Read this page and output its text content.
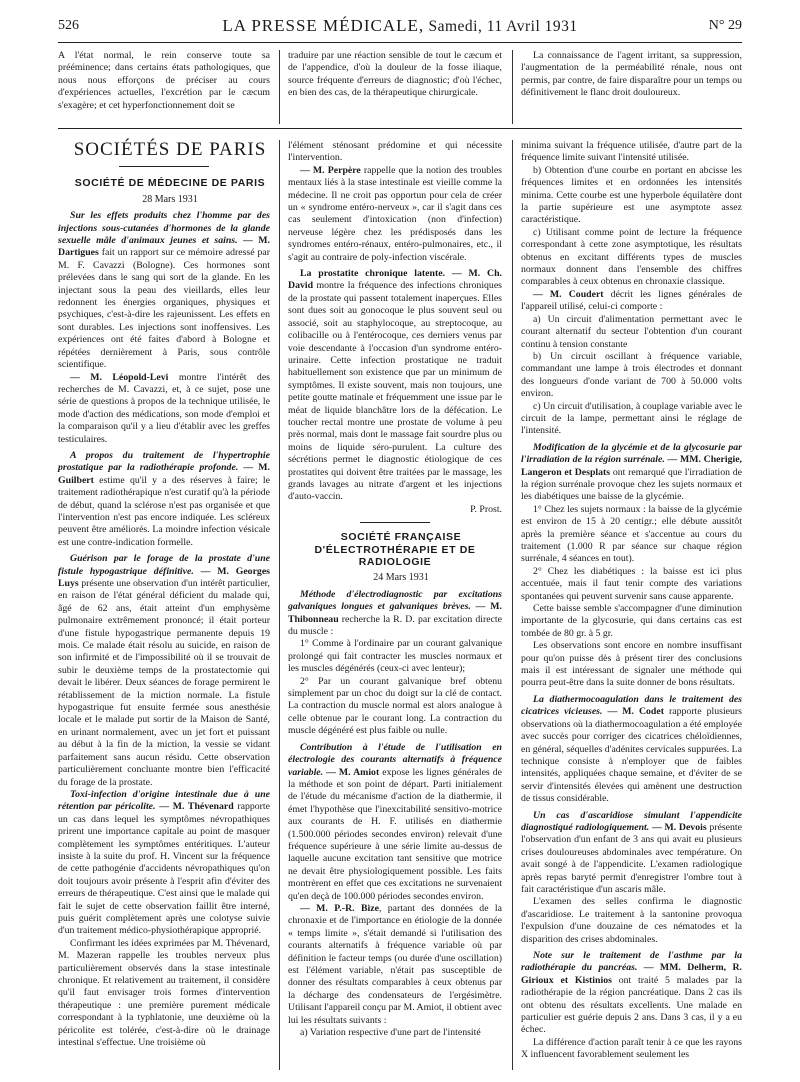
526	LA PRESSE MÉDICALE, Samedi, 11 Avril 1931	N° 29

A l'état normal, le rein conserve toute sa prééminence; dans certains états pathologiques, que nous nous efforçons de préciser au cours d'expériences actuelles, l'excrétion par le cæcum s'exagère; et cet hyperfonctionnement doit se

traduire par une réaction sensible de tout le cæcum et de l'appendice, d'où la douleur de la fosse iliaque, source fréquente d'erreurs de diagnostic; d'où l'échec, en bien des cas, de la thérapeutique chirurgicale.

La connaissance de l'agent irritant, sa suppression, l'augmentation de la perméabilité rénale, nous ont permis, par contre, de faire disparaître pour un temps ou définitivement le flanc droit douloureux.

SOCIÉTÉS DE PARIS

SOCIÉTÉ DE MÉDECINE DE PARIS

28 Mars 1931

Sur les effets produits chez l'homme par des injections sous-cutanées d'hormones de la glande sexuelle mâle d'animaux jeunes et sains. — M. Dartigues fait un rapport sur ce mémoire adressé par M. F. Cavazzi (Bologne). Ces hormones sont prélevées dans le sang qui sort de la glande. En les injectant sous la peau des vieillards, elles leur redonnent les énergies organiques, physiques et psychiques, c'est-à-dire les rajeunissent. Les effets en sont durables. Les injections sont inoffensives. Les expériences ont été faites d'abord à Bologne et répétées dernièrement à Paris, sous contrôle scientifique.

— M. Léopold-Levi montre l'intérêt des recherches de M. Cavazzi, et, à ce sujet, pose une série de questions à propos de la technique utilisée, le mode d'action des médications, son mode d'emploi et la comparaison qu'il y a lieu d'établir avec les greffes testiculaires.

A propos du traitement de l'hypertrophie prostatique par la radiothérapie profonde. — M. Guilbert estime qu'il y a des réserves à faire; le traitement radiothérapique n'est curatif qu'à la période de début, quand la sclérose n'est pas organisée et que l'intervention n'est pas encore indiquée. Les scléreux peuvent être améliorés. La moindre infection vésicale est une contre-indication formelle.

Guérison par le forage de la prostate d'une fistule hypogastrique définitive. — M. Georges Luys présente une observation d'un intérêt particulier, en raison de l'état général déficient du malade qui, âgé de 62 ans, était atteint d'un emphysème pulmonaire extrêmement prononcé; il était porteur d'une fistule hypogastrique permanente depuis 19 mois. Ce malade était résolu au suicide, en raison de son infirmité et de l'impossibilité où il se trouvait de subir le deuxième temps de la prostatectomie qui devait le libérer. Deux séances de forage permirent le rétablissement de la miction normale. La fistule hypogastrique fut ensuite fermée sous anesthésie locale et le malade put sortir de la Maison de Santé, en urinant normalement, avec un jet fort et puissant au début à la fin de la miction, la vessie se vidant parfaitement sans aucun résidu. Cette observation particulièrement concluante montre bien l'efficacité du forage de la prostate.

Toxi-infection d'origine intestinale due à une rétention par péricolite. — M. Thévenard rapporte un cas dans lequel les symptômes névropathiques prirent une importance capitale au point de masquer complètement les symptômes entéritiques. L'auteur insiste à la suite du prof. H. Vincent sur la fréquence de cette pathogénie d'accidents névropathiques qu'on doit toujours avoir présente à l'esprit afin d'éviter des erreurs de thérapeutique. C'est ainsi que le malade qui fait le sujet de cette observation faillit être interné, puis guérit complètement après une colotyse suivie d'un traitement médico-physiothérapique approprié.

Confirmant les idées exprimées par M. Thévenard, M. Mazeran rappelle les troubles nerveux plus particulièrement observés dans la stase intestinale chronique. Et relativement au traitement, il considère qu'il faut envisager trois formes d'intervention thérapeutique : une première purement médicale correspondant à la typhlatonie, une deuxième où la péricolite est tolérée, c'est-à-dire où le drainage intestinal s'effectue. Une troisième où

l'élément sténosant prédomine et qui nécessite l'intervention.

— M. Perpère rappelle que la notion des troubles mentaux liés à la stase intestinale est vieille comme la médecine. Il ne croit pas opportun pour cela de créer un « syndrome entéro-nerveux », car il s'agit dans ces cas seulement d'intoxication (non d'infection) nerveuse légère chez les prédisposés dans les syndromes entéro-rénaux, entéro-pulmonaires, etc., il s'agit au contraire de poly-infection viscérale.

La prostatite chronique latente. — M. Ch. David montre la fréquence des infections chroniques de la prostate qui passent totalement inaperçues. Elles sont dues soit au gonocoque le plus souvent seul ou associé, soit au staphylocoque, au streptocoque, au colibacille ou à l'entérocoque, ces derniers venus par voie descendante à l'occasion d'un syndrome entéro-urinaire. Cette infection prostatique ne traduit habituellement son existence que par un minimum de symptômes. Il existe souvent, mais non toujours, une petite goutte matinale et fréquemment une issue par le méat de liquide blanchâtre lors de la défécation. Le toucher rectal montre une prostate de volume à peu près normal, mais dont le massage fait sourdre plus ou moins de liquide séro-purulent. La culture des sécrétions permet le diagnostic étiologique de ces prostatites qui doivent être traitées par le massage, les grands lavages au nitrate d'argent et les injections d'auto-vaccin.

P. Prost.

SOCIÉTÉ FRANÇAISE D'ÉLECTROTHÉRAPIE ET DE RADIOLOGIE

24 Mars 1931

Méthode d'électrodiagnostic par excitations galvaniques longues et galvaniques brèves. — M. Thibonneau recherche la R. D. par excitation directe du muscle :

1° Comme à l'ordinaire par un courant galvanique prolongé qui fait contracter les muscles normaux et les muscles dégénérés (ceux-ci avec lenteur);

2° Par un courant galvanique bref obtenu simplement par un choc du doigt sur la clé de contact. La contraction du muscle normal est alors analogue à celle obtenue par le courant long. La contraction du muscle dégénéré est plus faible ou nulle.

Contribution à l'étude de l'utilisation en électrologie des courants alternatifs à fréquence variable. — M. Amiot expose les lignes générales de la méthode et son point de départ. Parti initialement de l'étude du mécanisme d'action de la diathermie, il émet l'hypothèse que l'inexcitabilité sensitivo-motrice aux courants de H. F. utilisés en diathermie (1.500.000 périodes secondes environ) relevait d'une fréquence supérieure à une série limite au-dessus de laquelle aucune excitation tant sensitive que motrice ne devait être physiologiquement possible. Les faits montrèrent en effet que ces excitations ne survenaient qu'en deçà de 100.000 périodes secondes environ.

— M. P.-R. Bize, partant des données de la chronaxie et de l'importance en étiologie de la donnée « temps limite », s'était demandé si l'utilisation des courants alternatifs à fréquence variable où par définition le facteur temps (ou durée d'une oscillation) est l'élément variable, n'était pas susceptible de donner des résultats comparables à ceux obtenus par la décharge des condensateurs de l'ergésimètre. Utilisant l'appareil conçu par M. Amiot, il obtient avec lui les résultats suivants :

a) Variation respective d'une part de l'intensité

minima suivant la fréquence utilisée, d'autre part de la fréquence limite suivant l'intensité utilisée.

b) Obtention d'une courbe en portant en abcisse les fréquences limites et en ordonnées les intensités minima. Cette courbe est une hyperbole équilatère dont la partie supérieure est une asymptote assez caractéristique.

c) Utilisant comme point de lecture la fréquence correspondant à cette zone asymptotique, les résultats obtenus en excitant différents types de muscles normaux donnent dans l'ensemble des chiffres comparables à ceux obtenus en chronaxie classique.

— M. Coudert décrit les lignes générales de l'appareil utilisé, celui-ci comporte :

a) Un circuit d'alimentation permettant avec le courant alternatif du secteur l'obtention d'un courant continu à tension constante

b) Un circuit oscillant à fréquence variable, commandant une lampe à trois électrodes et donnant des longueurs d'onde variant de 700 à 50.000 volts environ.

c) Un circuit d'utilisation, à couplage variable avec le circuit de la lampe, permettant ainsi le réglage de l'intensité.

Modification de la glycémie et de la glycosurie par l'irradiation de la région surrénale. — MM. Cherigie, Langeron et Desplats ont remarqué que l'irradiation de la région surrénale provoque chez les sujets normaux et les diabétiques une baisse de la glycémie.

1° Chez les sujets normaux : la baisse de la glycémie est environ de 15 à 20 centigr.; elle débute aussitôt après la première séance et s'accentue au cours du traitement (1.000 R par séance sur chaque région surrénale, 4 séances en tout).

2° Chez les diabétiques : la baisse est ici plus accentuée, mais il faut tenir compte des variations spontanées qui peuvent survenir sans cause apparente.

Cette baisse semble s'accompagner d'une diminution importante de la glycosurie, qui dans certains cas est tombée de 80 gr. à 5 gr.

Les observations sont encore en nombre insuffisant pour qu'on puisse dès à présent tirer des conclusions mais il est intéressant de signaler une méthode qui pourra peut-être dans la suite donner de bons résultats.

La diathermocoagulation dans le traitement des cicatrices vicieuses. — M. Codet rapporte plusieurs observations où la diathermocoagulation a été employée avec succès pour corriger des cicatrices chéloïdiennes, en général, séquelles d'adénites cervicales suppurées. La technique consiste à n'employer que de faibles intensités, appliquées chaque semaine, et d'éviter de se servir d'intensités élevées qui amènent une destruction de tissus considérable.

Un cas d'ascaridiose simulant l'appendicite diagnostiqué radiologiquement. — M. Devois présente l'observation d'un enfant de 3 ans qui avait eu plusieurs crises douloureuses abdominales avec température. On avait songé à de l'appendicite. L'examen radiologique après repas baryté permit d'enregistrer l'ombre tout à fait caractéristique d'un ascaris mâle.

L'examen des selles confirma le diagnostic d'ascaridiose. Le traitement à la santonine provoqua l'expulsion d'une douzaine de ces nématodes et la disparition des crises abdominales.

Note sur le traitement de l'asthme par la radiothérapie du pancréas. — MM. Delherm, R. Girioux et Kistinios ont traité 5 malades par la radiothérapie de la région pancréatique. Dans 2 cas ils ont obtenu des résultats excellents. Une malade en particulier est guérie depuis 2 ans. Dans 3 cas, il y a eu échec.

La différence d'action paraît tenir à ce que les rayons X influencent favorablement seulement les
